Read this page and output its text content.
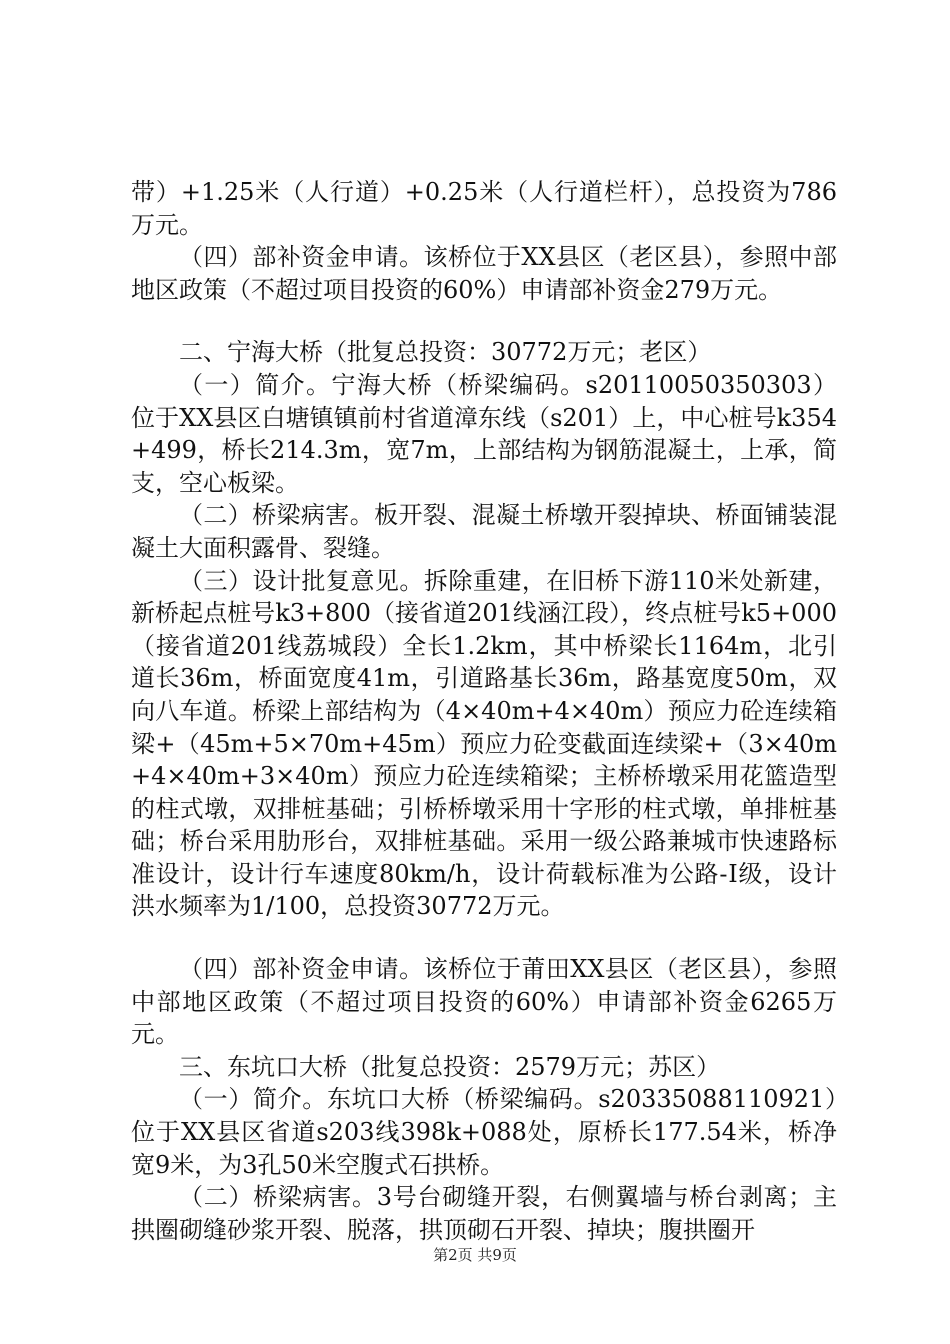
带）+1.25米（人行道）+0.25米（人行道栏杆），总投资为786万元。

（四）部补资金申请。该桥位于XX县区（老区县），参照中部地区政策（不超过项目投资的60%）申请部补资金279万元。

二、宁海大桥（批复总投资：30772万元；老区）

（一）简介。宁海大桥（桥梁编码。s20110050350303）位于XX县区白塘镇镇前村省道漳东线（s201）上，中心桩号k354+499，桥长214.3m，宽7m，上部结构为钢筋混凝土，上承，简支，空心板梁。

（二）桥梁病害。板开裂、混凝土桥墩开裂掉块、桥面铺装混凝土大面积露骨、裂缝。

（三）设计批复意见。拆除重建，在旧桥下游110米处新建，新桥起点桩号k3+800（接省道201线涵江段），终点桩号k5+000（接省道201线荔城段）全长1.2km，其中桥梁长1164m，北引道长36m，桥面宽度41m，引道路基长36m，路基宽度50m，双向八车道。桥梁上部结构为（4×40m+4×40m）预应力砼连续箱梁+（45m+5×70m+45m）预应力砼变截面连续梁+（3×40m+4×40m+3×40m）预应力砼连续箱梁；主桥桥墩采用花篮造型的柱式墩，双排桩基础；引桥桥墩采用十字形的柱式墩，单排桩基础；桥台采用肋形台，双排桩基础。采用一级公路兼城市快速路标准设计，设计行车速度80km/h，设计荷载标准为公路-Ⅰ级，设计洪水频率为1/100，总投资30772万元。

（四）部补资金申请。该桥位于莆田XX县区（老区县），参照中部地区政策（不超过项目投资的60%）申请部补资金6265万元。

三、东坑口大桥（批复总投资：2579万元；苏区）

（一）简介。东坑口大桥（桥梁编码。s20335088110921）位于XX县区省道s203线398k+088处，原桥长177.54米，桥净宽9米，为3孔50米空腹式石拱桥。

（二）桥梁病害。3号台砌缝开裂，右侧翼墙与桥台剥离；主拱圈砌缝砂浆开裂、脱落，拱顶砌石开裂、掉块；腹拱圈开

第2页 共9页
